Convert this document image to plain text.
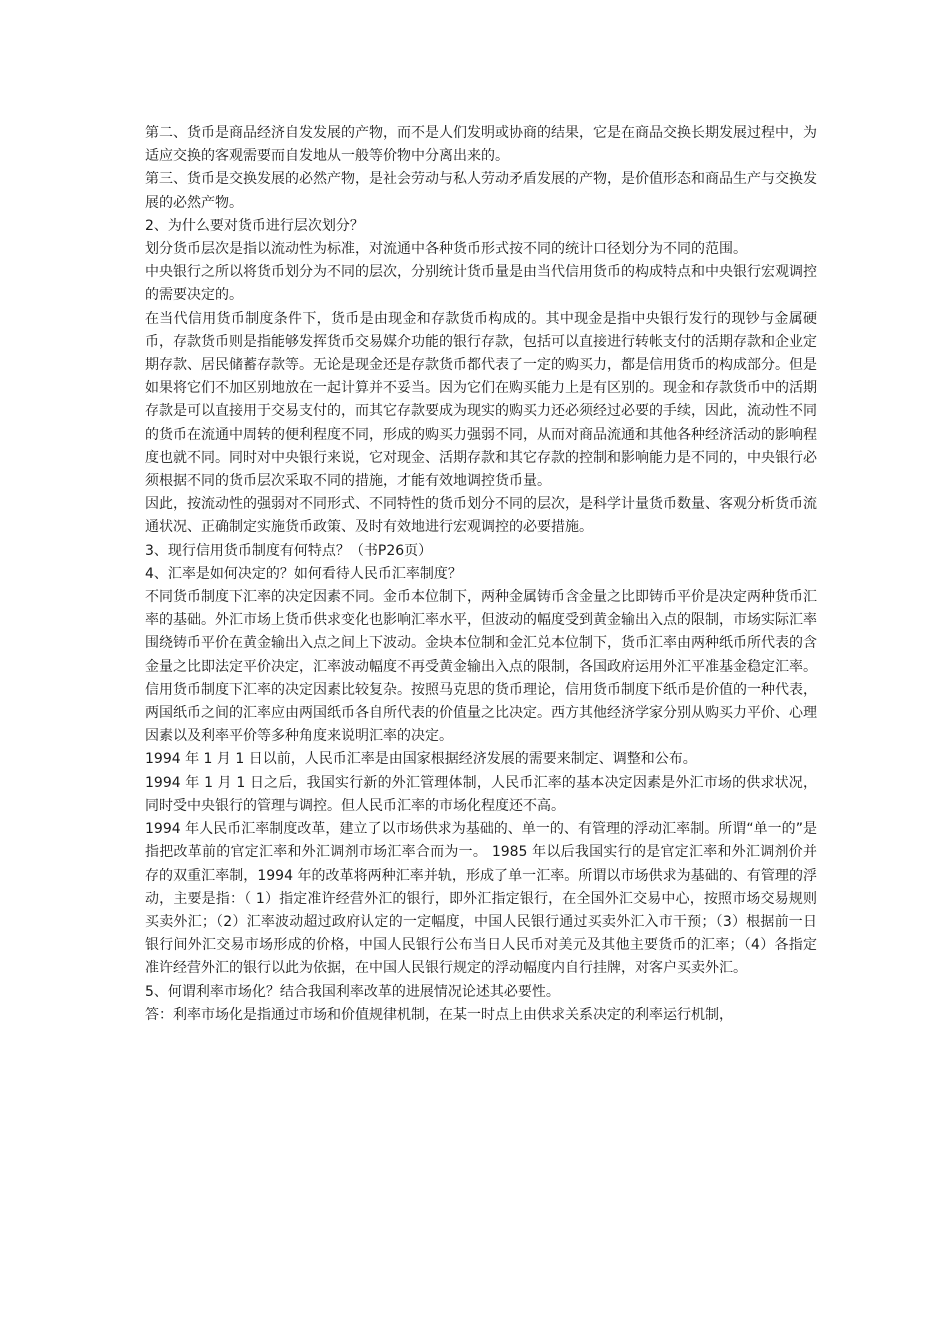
第二、货币是商品经济自发发展的产物，而不是人们发明或协商的结果，它是在商品交换长期发展过程中，为适应交换的客观需要而自发地从一般等价物中分离出来的。

第三、货币是交换发展的必然产物，是社会劳动与私人劳动矛盾发展的产物，是价值形态和商品生产与交换发展的必然产物。

2、为什么要对货币进行层次划分？

划分货币层次是指以流动性为标准，对流通中各种货币形式按不同的统计口径划分为不同的范围。

中央银行之所以将货币划分为不同的层次，分别统计货币量是由当代信用货币的构成特点和中央银行宏观调控的需要决定的。

在当代信用货币制度条件下，货币是由现金和存款货币构成的。其中现金是指中央银行发行的现钞与金属硬币，存款货币则是指能够发挥货币交易媒介功能的银行存款，包括可以直接进行转帐支付的活期存款和企业定期存款、居民储蓄存款等。无论是现金还是存款货币都代表了一定的购买力，都是信用货币的构成部分。但是如果将它们不加区别地放在一起计算并不妥当。因为它们在购买能力上是有区别的。现金和存款货币中的活期存款是可以直接用于交易支付的，而其它存款要成为现实的购买力还必须经过必要的手续，因此，流动性不同的货币在流通中周转的便利程度不同，形成的购买力强弱不同，从而对商品流通和其他各种经济活动的影响程度也就不同。同时对中央银行来说，它对现金、活期存款和其它存款的控制和影响能力是不同的，中央银行必须根据不同的货币层次采取不同的措施，才能有效地调控货币量。

因此，按流动性的强弱对不同形式、不同特性的货币划分不同的层次，是科学计量货币数量、客观分析货币流通状况、正确制定实施货币政策、及时有效地进行宏观调控的必要措施。

3、现行信用货币制度有何特点？（书P26页）

4、汇率是如何决定的？如何看待人民币汇率制度？

不同货币制度下汇率的决定因素不同。金币本位制下，两种金属铸币含金量之比即铸币平价是决定两种货币汇率的基础。外汇市场上货币供求变化也影响汇率水平，但波动的幅度受到黄金输出入点的限制，市场实际汇率围绕铸币平价在黄金输出入点之间上下波动。金块本位制和金汇兑本位制下，货币汇率由两种纸币所代表的含金量之比即法定平价决定，汇率波动幅度不再受黄金输出入点的限制，各国政府运用外汇平准基金稳定汇率。信用货币制度下汇率的决定因素比较复杂。按照马克思的货币理论，信用货币制度下纸币是价值的一种代表，两国纸币之间的汇率应由两国纸币各自所代表的价值量之比决定。西方其他经济学家分别从购买力平价、心理因素以及利率平价等多种角度来说明汇率的决定。

1994 年 1 月 1 日以前，人民币汇率是由国家根据经济发展的需要来制定、调整和公布。

1994 年 1 月 1 日之后，我国实行新的外汇管理体制，人民币汇率的基本决定因素是外汇市场的供求状况，同时受中央银行的管理与调控。但人民币汇率的市场化程度还不高。

1994 年人民币汇率制度改革，建立了以市场供求为基础的、单一的、有管理的浮动汇率制。所谓“单一的”是指把改革前的官定汇率和外汇调剂市场汇率合而为一。 1985 年以后我国实行的是官定汇率和外汇调剂价并存的双重汇率制，1994 年的改革将两种汇率并轨，形成了单一汇率。所谓以市场供求为基础的、有管理的浮动，主要是指：（ 1）指定准许经营外汇的银行，即外汇指定银行，在全国外汇交易中心，按照市场交易规则买卖外汇；（2）汇率波动超过政府认定的一定幅度，中国人民银行通过买卖外汇入市干预；（3）根据前一日银行间外汇交易市场形成的价格，中国人民银行公布当日人民币对美元及其他主要货币的汇率；（4）各指定准许经营外汇的银行以此为依据，在中国人民银行规定的浮动幅度内自行挂牌，对客户买卖外汇。

5、何谓利率市场化？结合我国利率改革的进展情况论述其必要性。

答：利率市场化是指通过市场和价值规律机制，在某一时点上由供求关系决定的利率运行机制，
